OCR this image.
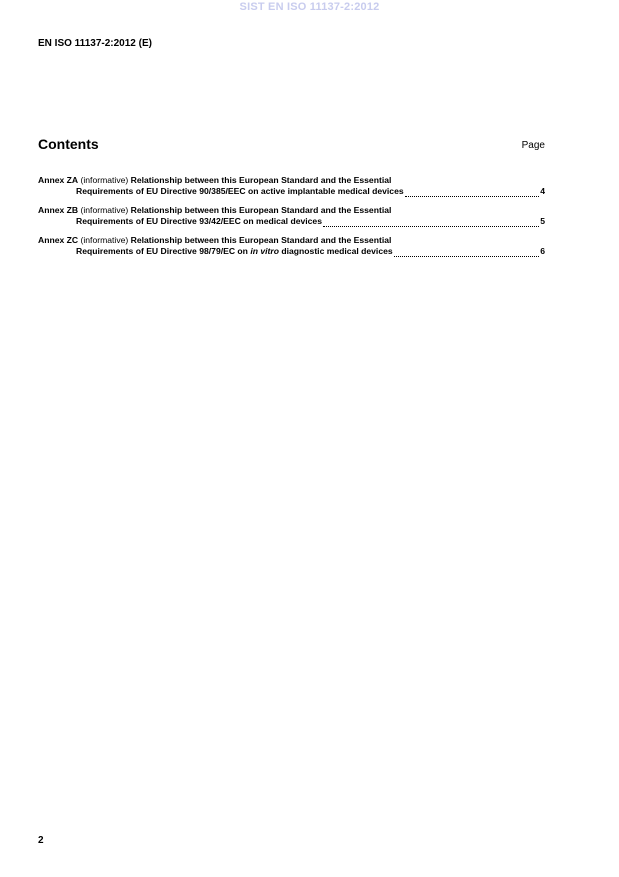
SIST EN ISO 11137-2:2012
EN ISO 11137-2:2012 (E)
Contents	Page
Annex ZA (informative) Relationship between this European Standard and the Essential
Requirements of EU Directive 90/385/EEC on active implantable medical devices	4
Annex ZB (informative) Relationship between this European Standard and the Essential
Requirements of EU Directive 93/42/EEC on medical devices	5
Annex ZC (informative) Relationship between this European Standard and the Essential
Requirements of EU Directive 98/79/EC on in vitro diagnostic medical devices	6
2
